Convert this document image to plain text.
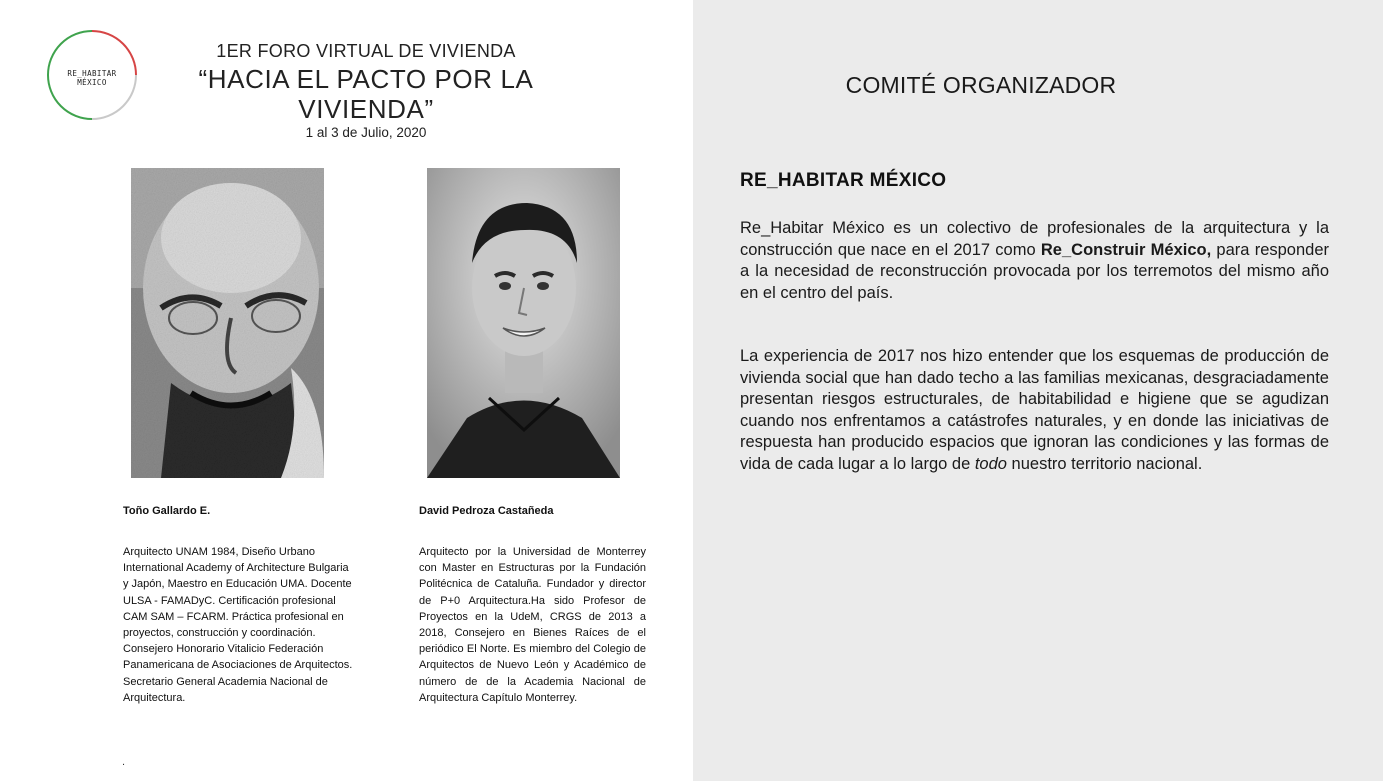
RE_HABITAR
MÉXICO
1ER FORO VIRTUAL DE VIVIENDA
“HACIA EL PACTO POR LA VIVIENDA”
1 al 3 de Julio, 2020
Toño Gallardo E.	David Pedroza Castañeda
Arquitecto UNAM 1984, Diseño Urbano International Academy of Architecture Bulgaria y Japón, Maestro en Educación UMA. Docente ULSA - FAMADyC. Certificación profesional CAM SAM – FCARM. Práctica profesional en proyectos, construcción y coordinación. Consejero Honorario Vitalicio Federación Panamericana de Asociaciones de Arquitectos. Secretario General Academia Nacional de Arquitectura.
Arquitecto por la Universidad de Monterrey con Master en Estructuras por la Fundación Politécnica de Cataluña. Fundador y director de P+0 Arquitectura.Ha sido Profesor de Proyectos en la UdeM, CRGS de 2013 a 2018, Consejero en Bienes Raíces de el periódico El Norte. Es miembro del Colegio de Arquitectos de Nuevo León y Académico de número de de la Academia Nacional de Arquitectura Capítulo Monterrey.
.
COMITÉ ORGANIZADOR
RE_HABITAR MÉXICO
Re_Habitar México es un colectivo de profesionales de la arquitectura y la construcción que nace en el 2017 como Re_Construir México, para responder a la necesidad de reconstrucción provocada por los terremotos del mismo año en el centro del país.
La experiencia de 2017 nos hizo entender que los esquemas de producción de vivienda social que han dado techo a las familias mexicanas, desgraciadamente presentan riesgos estructurales, de habitabilidad e higiene que se agudizan cuando nos enfrentamos a catástrofes naturales, y en donde las iniciativas de respuesta han producido espacios que ignoran las condiciones y las formas de vida de cada lugar a lo largo de todo nuestro territorio nacional.
